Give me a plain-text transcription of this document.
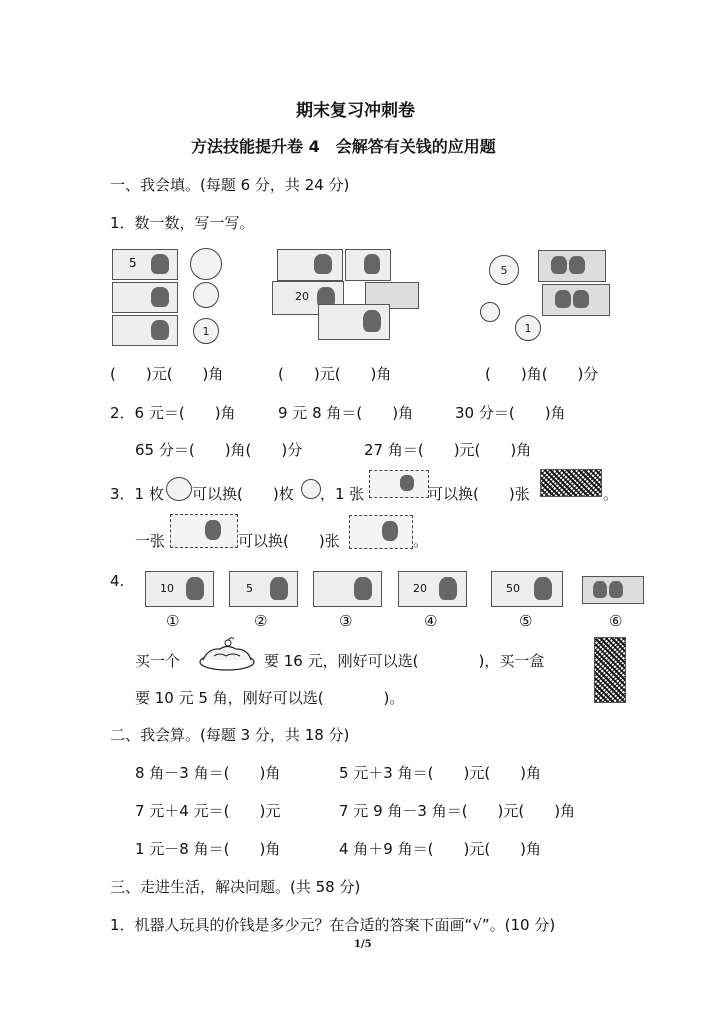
期末复习冲刺卷
方法技能提升卷 4　会解答有关钱的应用题
一、我会填。(每题 6 分，共 24 分)
1．数一数，写一写。
5
1
20
5
1
(　　)元(　　)角	(　　)元(　　)角	(　　)角(　　)分
2．6 元＝(　　)角	9 元 8 角＝(　　)角	30 分＝(　　)角
65 分＝(　　)角(　　)分	27 角＝(　　)元(　　)角
3．1 枚 可以换(　　)枚 ，1 张	可以换(　　)张	。
一张	可以换(　　)张	。
4.	10	5	20	50
①	②	③	④	⑤	⑥
买一个	要 16 元，刚好可以选(　　　　)，买一盒
要 10 元 5 角，刚好可以选(　　　　)。
二、我会算。(每题 3 分，共 18 分)
8 角－3 角＝(　　)角	5 元＋3 角＝(　　)元(　　)角
7 元＋4 元＝(　　)元	7 元 9 角－3 角＝(　　)元(　　)角
1 元－8 角＝(　　)角	4 角＋9 角＝(　　)元(　　)角
三、走进生活，解决问题。(共 58 分)
1．机器人玩具的价钱是多少元？在合适的答案下面画“√”。(10 分)
1/5
